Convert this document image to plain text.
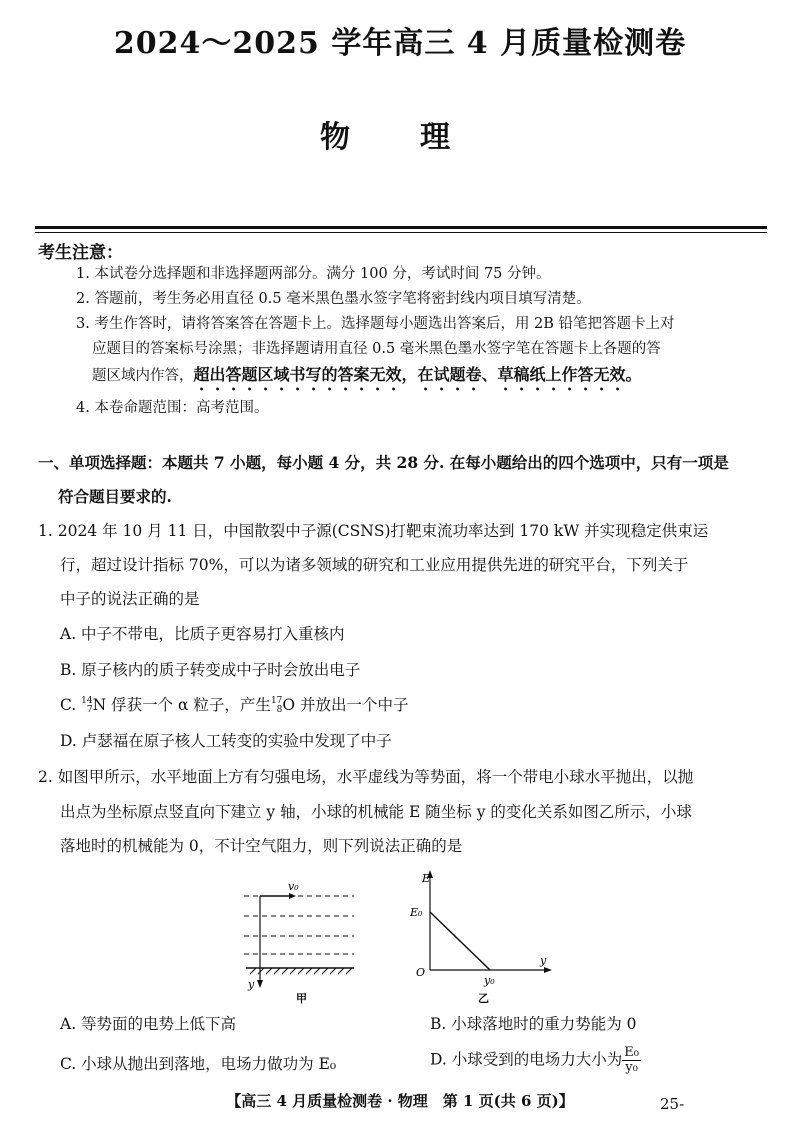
2024～2025 学年高三 4 月质量检测卷
物理
考生注意：
1. 本试卷分选择题和非选择题两部分。满分 100 分，考试时间 75 分钟。
2. 答题前，考生务必用直径 0.5 毫米黑色墨水签字笔将密封线内项目填写清楚。
3. 考生作答时，请将答案答在答题卡上。选择题每小题选出答案后，用 2B 铅笔把答题卡上对
应题目的答案标号涂黑；非选择题请用直径 0.5 毫米黑色墨水签字笔在答题卡上各题的答
题区域内作答，超出答题区域书写的答案无效，在试题卷、草稿纸上作答无效。
4. 本卷命题范围：高考范围。
一、单项选择题：本题共 7 小题，每小题 4 分，共 28 分. 在每小题给出的四个选项中，只有一项是
符合题目要求的.
1. 2024 年 10 月 11 日，中国散裂中子源(CSNS)打靶束流功率达到 170 kW 并实现稳定供束运
行，超过设计指标 70%，可以为诸多领域的研究和工业应用提供先进的研究平台，下列关于
中子的说法正确的是
A. 中子不带电，比质子更容易打入重核内
B. 原子核内的质子转变成中子时会放出电子
C. 14
7 N 俘获一个 α 粒子，产生 17
8 O 并放出一个中子
D. 卢瑟福在原子核人工转变的实验中发现了中子
2. 如图甲所示，水平地面上方有匀强电场，水平虚线为等势面，将一个带电小球水平抛出，以抛
出点为坐标原点竖直向下建立 y 轴，小球的机械能 E 随坐标 y 的变化关系如图乙所示，小球
落地时的机械能为 0，不计空气阻力，则下列说法正确的是
v₀
y
甲
E
E₀
O
y₀
y
乙
A. 等势面的电势上低下高	B. 小球落地时的重力势能为 0
C. 小球从抛出到落地，电场力做功为 E₀	D. 小球受到的电场力大小为 $\frac{\text{E₀}}{\text{y₀}}$
【高三 4 月质量检测卷 · 物理　第 1 页(共 6 页)】	25-
